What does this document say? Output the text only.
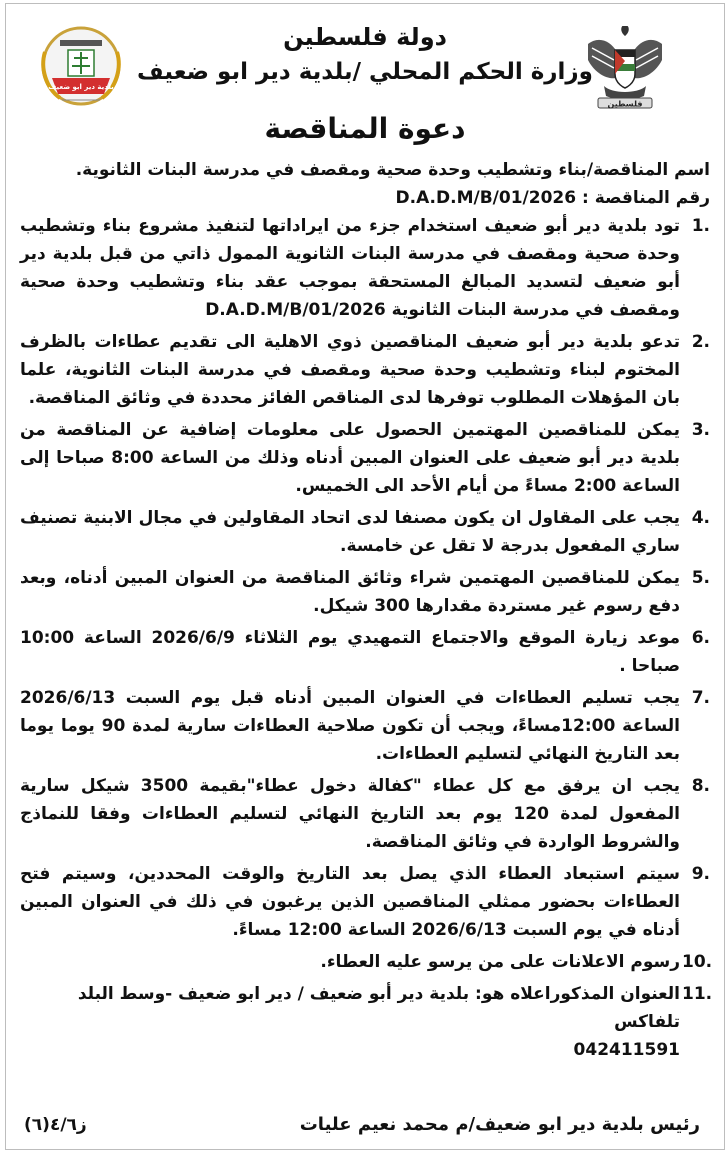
فلسطين
بلدية دير ابو ضعيف
دولة فلسطين
وزارة الحكم المحلي /بلدية دير ابو ضعيف
دعوة المناقصة

اسم المناقصة/بناء وتشطيب وحدة صحية ومقصف في مدرسة البنات الثانوية.

رقم المناقصة : D.A.D.M/B/01/2026

1.
تود بلدية دير أبو ضعيف استخدام جزء من ايراداتها لتنفيذ مشروع بناء وتشطيب وحدة صحية ومقصف في مدرسة البنات الثانوية الممول ذاتي من قبل بلدية دير أبو ضعيف لتسديد المبالغ المستحقة بموجب عقد بناء وتشطيب وحدة صحية ومقصف في مدرسة البنات الثانوية 2026/D.A.D.M/B/01
2.
تدعو بلدية دير أبو ضعيف المناقصين ذوي الاهلية الى تقديم عطاءات بالظرف المختوم لبناء وتشطيب وحدة صحية ومقصف في مدرسة البنات الثانوية، علما بان المؤهلات المطلوب توفرها لدى المناقص الفائز محددة في وثائق المناقصة.
3.
يمكن للمناقصين المهتمين الحصول على معلومات إضافية عن المناقصة من بلدية دير أبو ضعيف على العنوان المبين أدناه وذلك من الساعة 8:00 صباحا إلى الساعة 2:00 مساءً من أيام الأحد الى الخميس.
4.
يجب على المقاول ان يكون مصنفا لدى اتحاد المقاولين في مجال الابنية تصنيف ساري المفعول بدرجة لا تقل عن خامسة.
5.
يمكن للمناقصين المهتمين شراء وثائق المناقصة من العنوان المبين أدناه، وبعد دفع رسوم غير مستردة مقدارها 300 شيكل.
6.
موعد زيارة الموقع والاجتماع التمهيدي يوم الثلاثاء 2026/6/9 الساعة 10:00 صباحا .
7.
يجب تسليم العطاءات في العنوان المبين أدناه قبل يوم السبت 2026/6/13 الساعة 12:00مساءً، ويجب أن تكون صلاحية العطاءات سارية لمدة 90 يوما يوما بعد التاريخ النهائي لتسليم العطاءات.
8.
يجب ان يرفق مع كل عطاء "كفالة دخول عطاء"بقيمة 3500 شيكل سارية المفعول لمدة 120 يوم بعد التاريخ النهائي لتسليم العطاءات وفقا للنماذج والشروط الواردة في وثائق المناقصة.
9.
سيتم استبعاد العطاء الذي يصل بعد التاريخ والوقت المحددين، وسيتم فتح العطاءات بحضور ممثلي المناقصين الذين يرغبون في ذلك في العنوان المبين أدناه في يوم السبت 2026/6/13 الساعة 12:00 مساءً.
10.
رسوم الاعلانات على من يرسو عليه العطاء.
11.
العنوان المذكوراعلاه هو: بلدية دير أبو ضعيف / دير ابو ضعيف -وسط البلد
تلفاكس
042411591
رئيس بلدية دير ابو ضعيف/م محمد نعيم عليات
ز٤/٦(٦)
